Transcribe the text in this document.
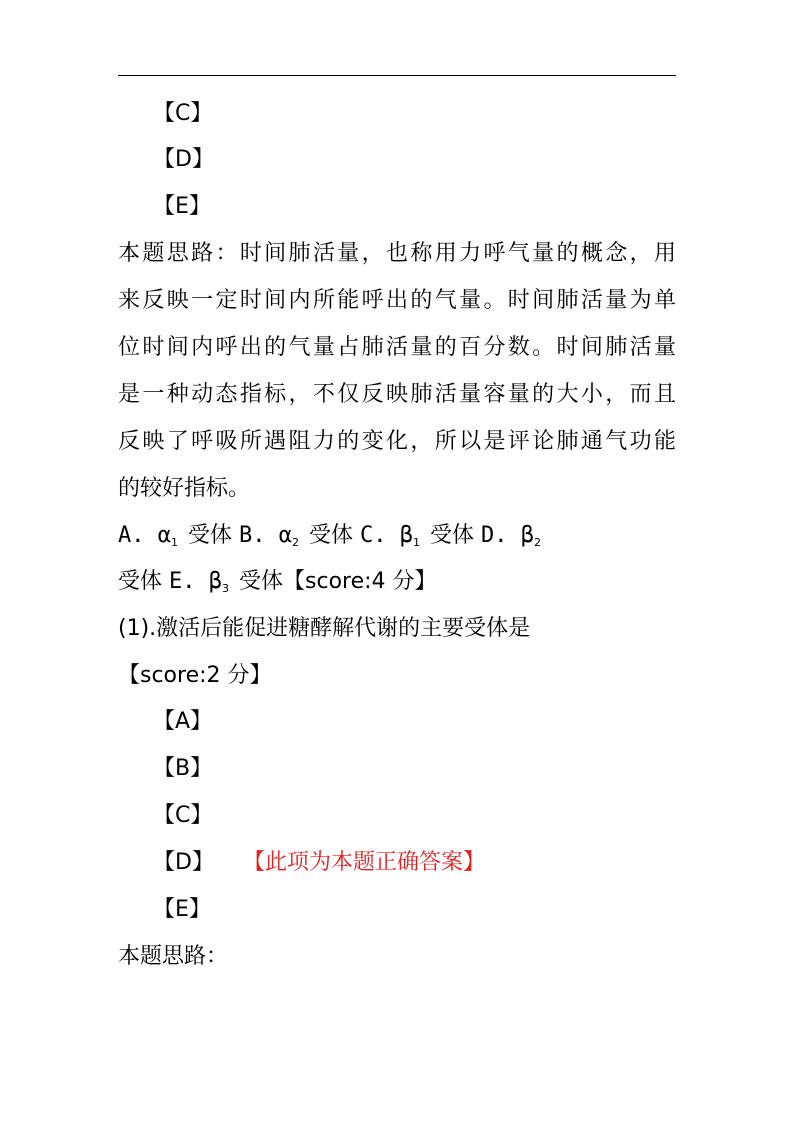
【C】
【D】
【E】
本题思路：时间肺活量，也称用力呼气量的概念，用
来反映一定时间内所能呼出的气量。时间肺活量为单
位时间内呼出的气量占肺活量的百分数。时间肺活量
是一种动态指标，不仅反映肺活量容量的大小，而且
反映了呼吸所遇阻力的变化，所以是评论肺通气功能
的较好指标。
A. $\alpha_1$ 受体 B. $\alpha_2$ 受体 C. $\beta_1$ 受体 D. $\beta_2$
受体 E. $\beta_3$ 受体【score:4 分】
(1).激活后能促进糖酵解代谢的主要受体是
【score:2 分】
【A】
【B】
【C】
【D】 【此项为本题正确答案】
【E】
本题思路：
